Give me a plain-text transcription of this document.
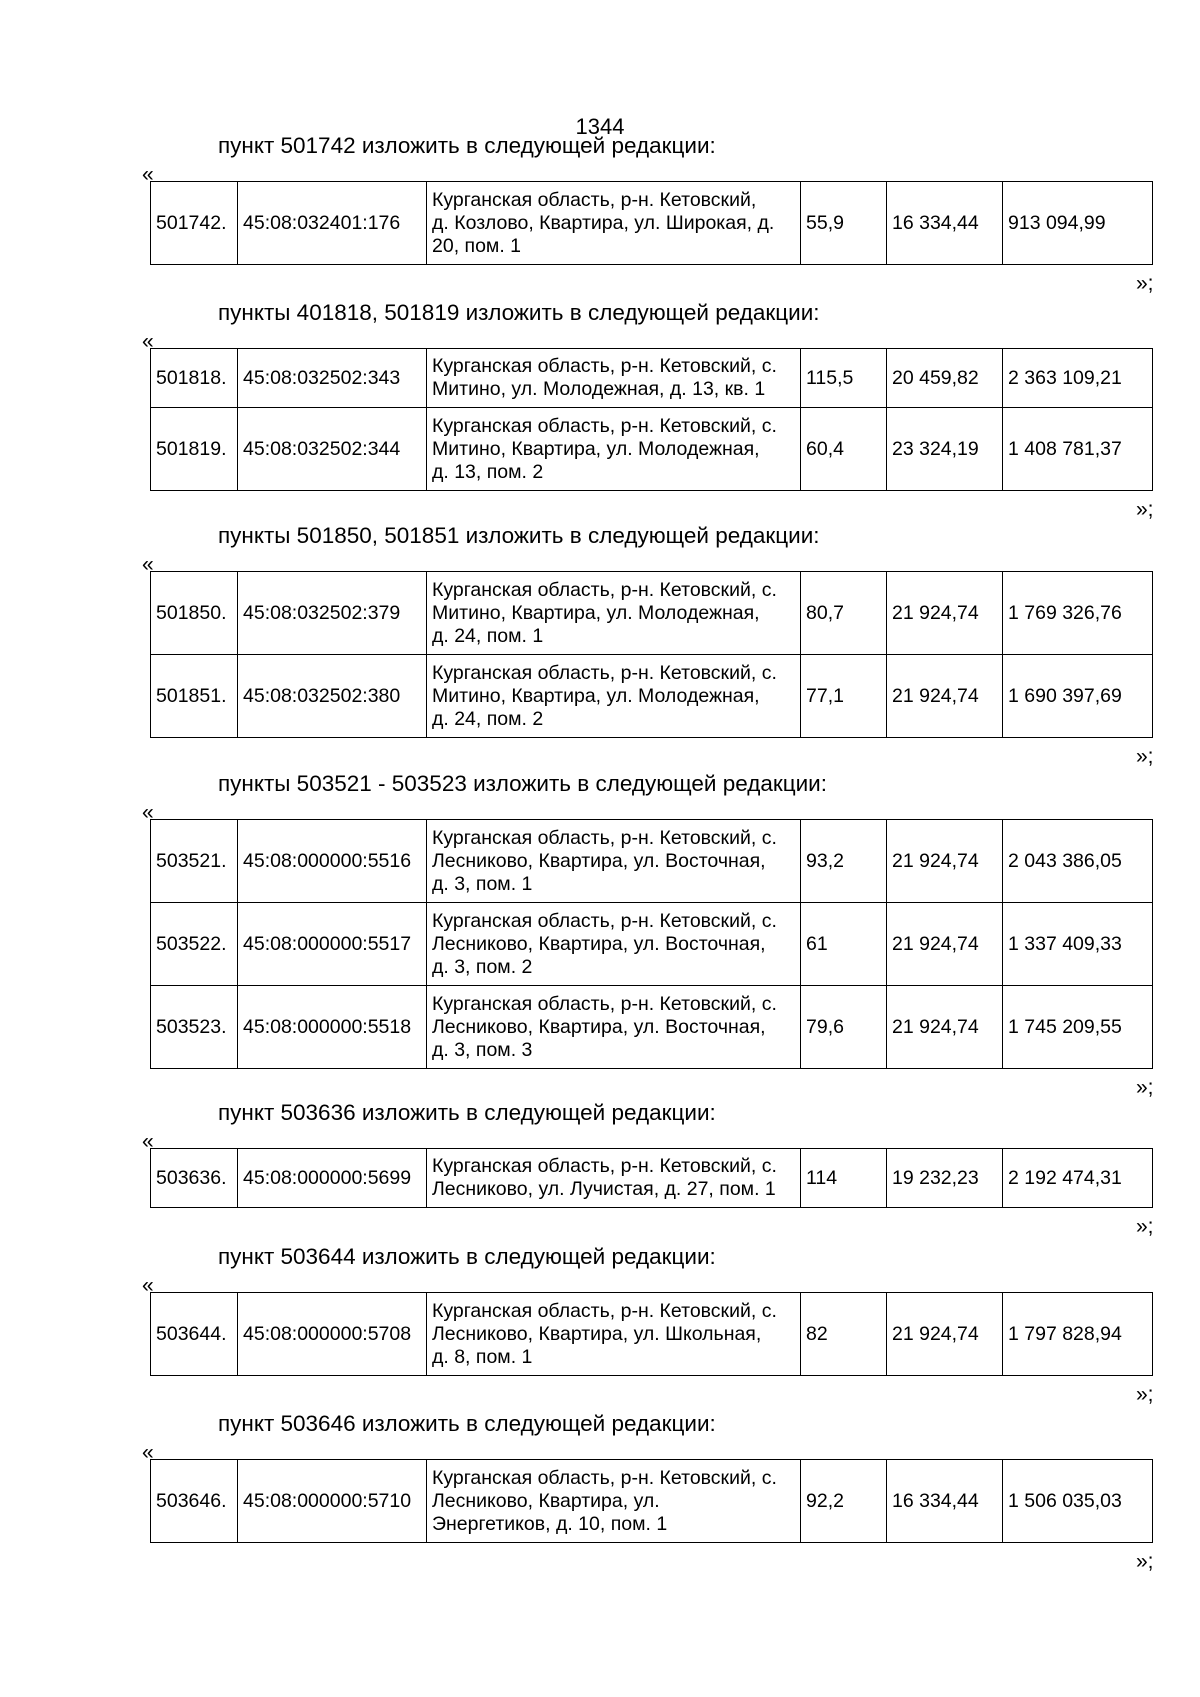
1344
пункт 501742 изложить в следующей редакции:
«
501742.	45:08:032401:176	Курганская область, р-н. Кетовский,
д. Козлово, Квартира, ул. Широкая, д.
20, пом. 1	55,9	16 334,44	913 094,99
»;
пункты 401818, 501819 изложить в следующей редакции:
«
501818.	45:08:032502:343	Курганская область, р-н. Кетовский, с.
Митино, ул. Молодежная, д. 13, кв. 1	115,5	20 459,82	2 363 109,21
501819.	45:08:032502:344	Курганская область, р-н. Кетовский, с.
Митино, Квартира, ул. Молодежная,
д. 13, пом. 2	60,4	23 324,19	1 408 781,37
»;
пункты 501850, 501851 изложить в следующей редакции:
«
501850.	45:08:032502:379	Курганская область, р-н. Кетовский, с.
Митино, Квартира, ул. Молодежная,
д. 24, пом. 1	80,7	21 924,74	1 769 326,76
501851.	45:08:032502:380	Курганская область, р-н. Кетовский, с.
Митино, Квартира, ул. Молодежная,
д. 24, пом. 2	77,1	21 924,74	1 690 397,69
»;
пункты 503521 - 503523 изложить в следующей редакции:
«
503521.	45:08:000000:5516	Курганская область, р-н. Кетовский, с.
Лесниково, Квартира, ул. Восточная,
д. 3, пом. 1	93,2	21 924,74	2 043 386,05
503522.	45:08:000000:5517	Курганская область, р-н. Кетовский, с.
Лесниково, Квартира, ул. Восточная,
д. 3, пом. 2	61	21 924,74	1 337 409,33
503523.	45:08:000000:5518	Курганская область, р-н. Кетовский, с.
Лесниково, Квартира, ул. Восточная,
д. 3, пом. 3	79,6	21 924,74	1 745 209,55
»;
пункт 503636 изложить в следующей редакции:
«
503636.	45:08:000000:5699	Курганская область, р-н. Кетовский, с.
Лесниково, ул. Лучистая, д. 27, пом. 1	114	19 232,23	2 192 474,31
»;
пункт 503644 изложить в следующей редакции:
«
503644.	45:08:000000:5708	Курганская область, р-н. Кетовский, с.
Лесниково, Квартира, ул. Школьная,
д. 8, пом. 1	82	21 924,74	1 797 828,94
»;
пункт 503646 изложить в следующей редакции:
«
503646.	45:08:000000:5710	Курганская область, р-н. Кетовский, с.
Лесниково, Квартира, ул.
Энергетиков, д. 10, пом. 1	92,2	16 334,44	1 506 035,03
»;
